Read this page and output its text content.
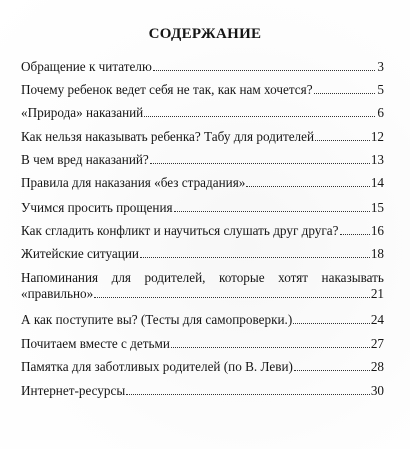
СОДЕРЖАНИЕ
Обращение к читателю	3
Почему ребенок ведет себя не так, как нам хочется?	5
«Природа» наказаний	6
Как нельзя наказывать ребенка? Табу для родителей	12
В чем вред наказаний?	13
Правила для наказания «без страдания»	14
Учимся просить прощения	15
Как сгладить конфликт и научиться слушать друг друга? 16
Житейские ситуации	18
Напоминания для родителей, которые хотят наказывать
«правильно»	21
А как поступите вы? (Тесты для самопроверки.)	24
Почитаем вместе с детьми	27
Памятка для заботливых родителей (по В. Леви)	28
Интернет-ресурсы	30
